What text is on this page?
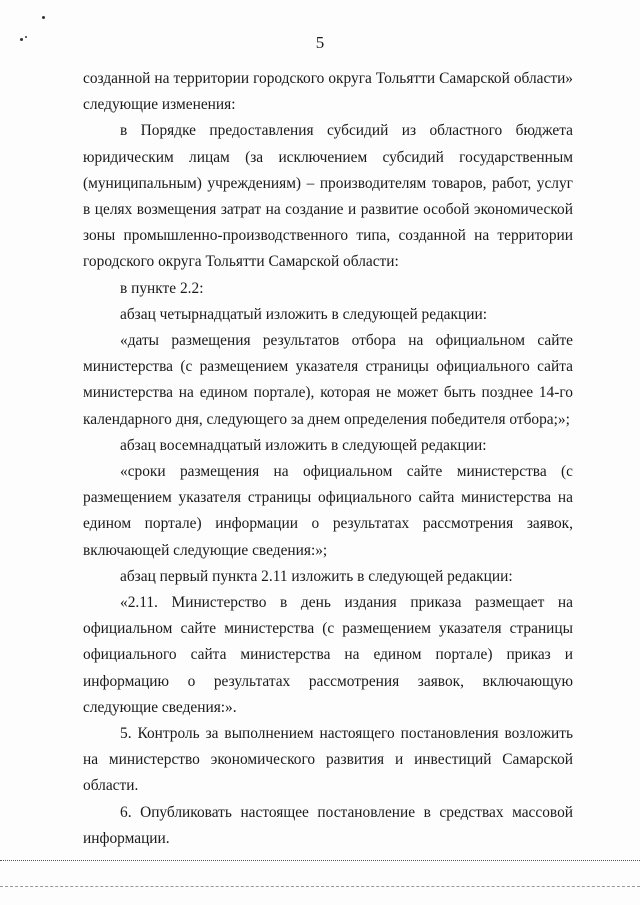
5

созданной на территории городского округа Тольятти Самарской области» следующие изменения:

в Порядке предоставления субсидий из областного бюджета юридическим лицам (за исключением субсидий государственным (муниципальным) учреждениям) – производителям товаров, работ, услуг в целях возмещения затрат на создание и развитие особой экономической зоны промышленно-производственного типа, созданной на территории городского округа Тольятти Самарской области:

в пункте 2.2:

абзац четырнадцатый изложить в следующей редакции:

«даты размещения результатов отбора на официальном сайте министерства (с размещением указателя страницы официального сайта министерства на едином портале), которая не может быть позднее 14-го календарного дня, следующего за днем определения победителя отбора;»;

абзац восемнадцатый изложить в следующей редакции:

«сроки размещения на официальном сайте министерства (с размещением указателя страницы официального сайта министерства на едином портале) информации о результатах рассмотрения заявок, включающей следующие сведения:»;

абзац первый пункта 2.11 изложить в следующей редакции:

«2.11. Министерство в день издания приказа размещает на официальном сайте министерства (с размещением указателя страницы официального сайта министерства на едином портале) приказ и информацию о результатах рассмотрения заявок, включающую следующие сведения:».

5. Контроль за выполнением настоящего постановления возложить на министерство экономического развития и инвестиций Самарской области.

6. Опубликовать настоящее постановление в средствах массовой информации.
